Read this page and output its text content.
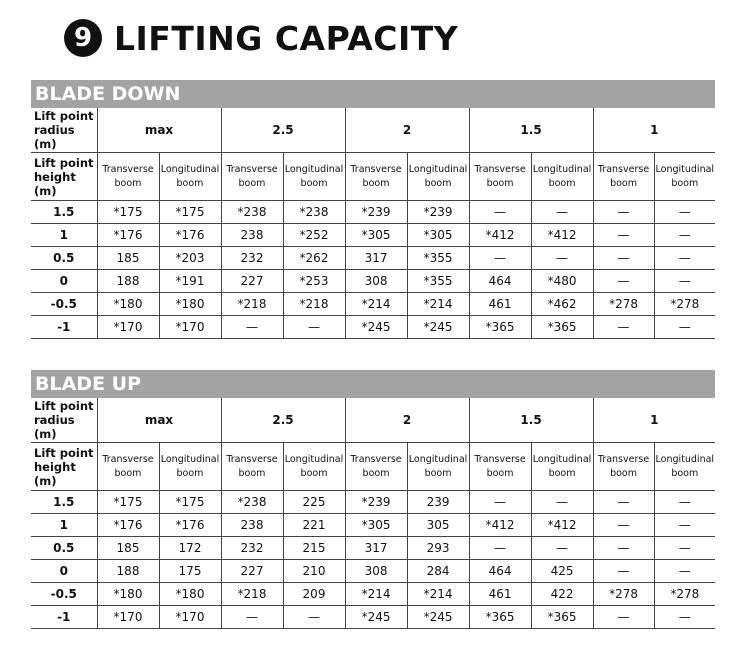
9 LIFTING CAPACITY
BLADE DOWN
Lift point radius (m)	max		2.5		2		1.5		1	
Lift point height (m)	Transverse boom	Longitudinal boom	Transverse boom	Longitudinal boom	Transverse boom	Longitudinal boom	Transverse boom	Longitudinal boom	Transverse boom	Longitudinal boom
1.5	*175	*175	*238	*238	*239	*239	—	—	—	—
1	*176	*176	238	*252	*305	*305	*412	*412	—	—
0.5	185	*203	232	*262	317	*355	—	—	—	—
0	188	*191	227	*253	308	*355	464	*480	—	—
-0.5	*180	*180	*218	*218	*214	*214	461	*462	*278	*278
-1	*170	*170	—	—	*245	*245	*365	*365	—	—
BLADE UP
Lift point radius (m)	max		2.5		2		1.5		1	
Lift point height (m)	Transverse boom	Longitudinal boom	Transverse boom	Longitudinal boom	Transverse boom	Longitudinal boom	Transverse boom	Longitudinal boom	Transverse boom	Longitudinal boom
1.5	*175	*175	*238	225	*239	239	—	—	—	—
1	*176	*176	238	221	*305	305	*412	*412	—	—
0.5	185	172	232	215	317	293	—	—	—	—
0	188	175	227	210	308	284	464	425	—	—
-0.5	*180	*180	*218	209	*214	*214	461	422	*278	*278
-1	*170	*170	—	—	*245	*245	*365	*365	—	—
